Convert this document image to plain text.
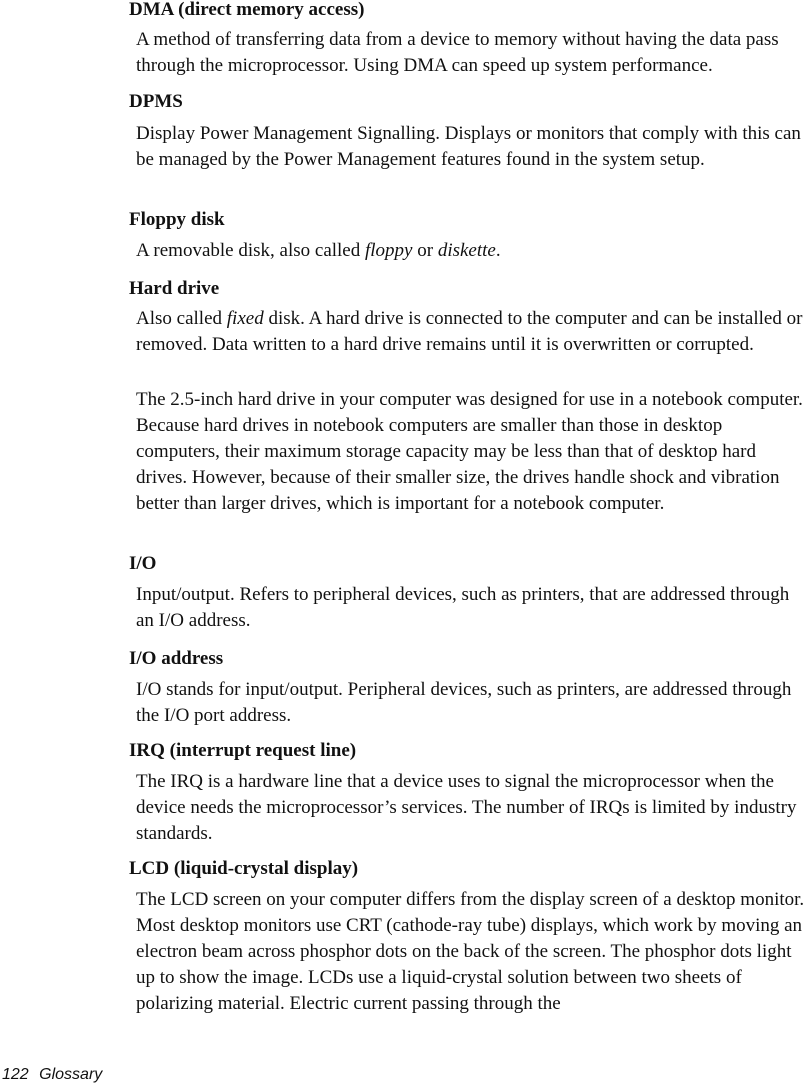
DMA (direct memory access)

A method of transferring data from a device to memory without having the data pass through the microprocessor. Using DMA can speed up system performance.

DPMS

Display Power Management Signalling. Displays or monitors that comply with this can be managed by the Power Management features found in the system setup.

Floppy disk

A removable disk, also called floppy or diskette.

Hard drive

Also called fixed disk. A hard drive is connected to the computer and can be installed or removed. Data written to a hard drive remains until it is overwritten or corrupted.

The 2.5-inch hard drive in your computer was designed for use in a notebook computer. Because hard drives in notebook computers are smaller than those in desktop computers, their maximum storage capacity may be less than that of desktop hard drives. However, because of their smaller size, the drives handle shock and vibration better than larger drives, which is important for a notebook computer.

I/O

Input/output. Refers to peripheral devices, such as printers, that are addressed through an I/O address.

I/O address

I/O stands for input/output. Peripheral devices, such as printers, are addressed through the I/O port address.

IRQ (interrupt request line)

The IRQ is a hardware line that a device uses to signal the microprocessor when the device needs the microprocessor’s services. The number of IRQs is limited by industry standards.

LCD (liquid-crystal display)

The LCD screen on your computer differs from the display screen of a desktop monitor. Most desktop monitors use CRT (cathode-ray tube) displays, which work by moving an electron beam across phosphor dots on the back of the screen. The phosphor dots light up to show the image. LCDs use a liquid-crystal solution between two sheets of polarizing material. Electric current passing through the

122 Glossary
